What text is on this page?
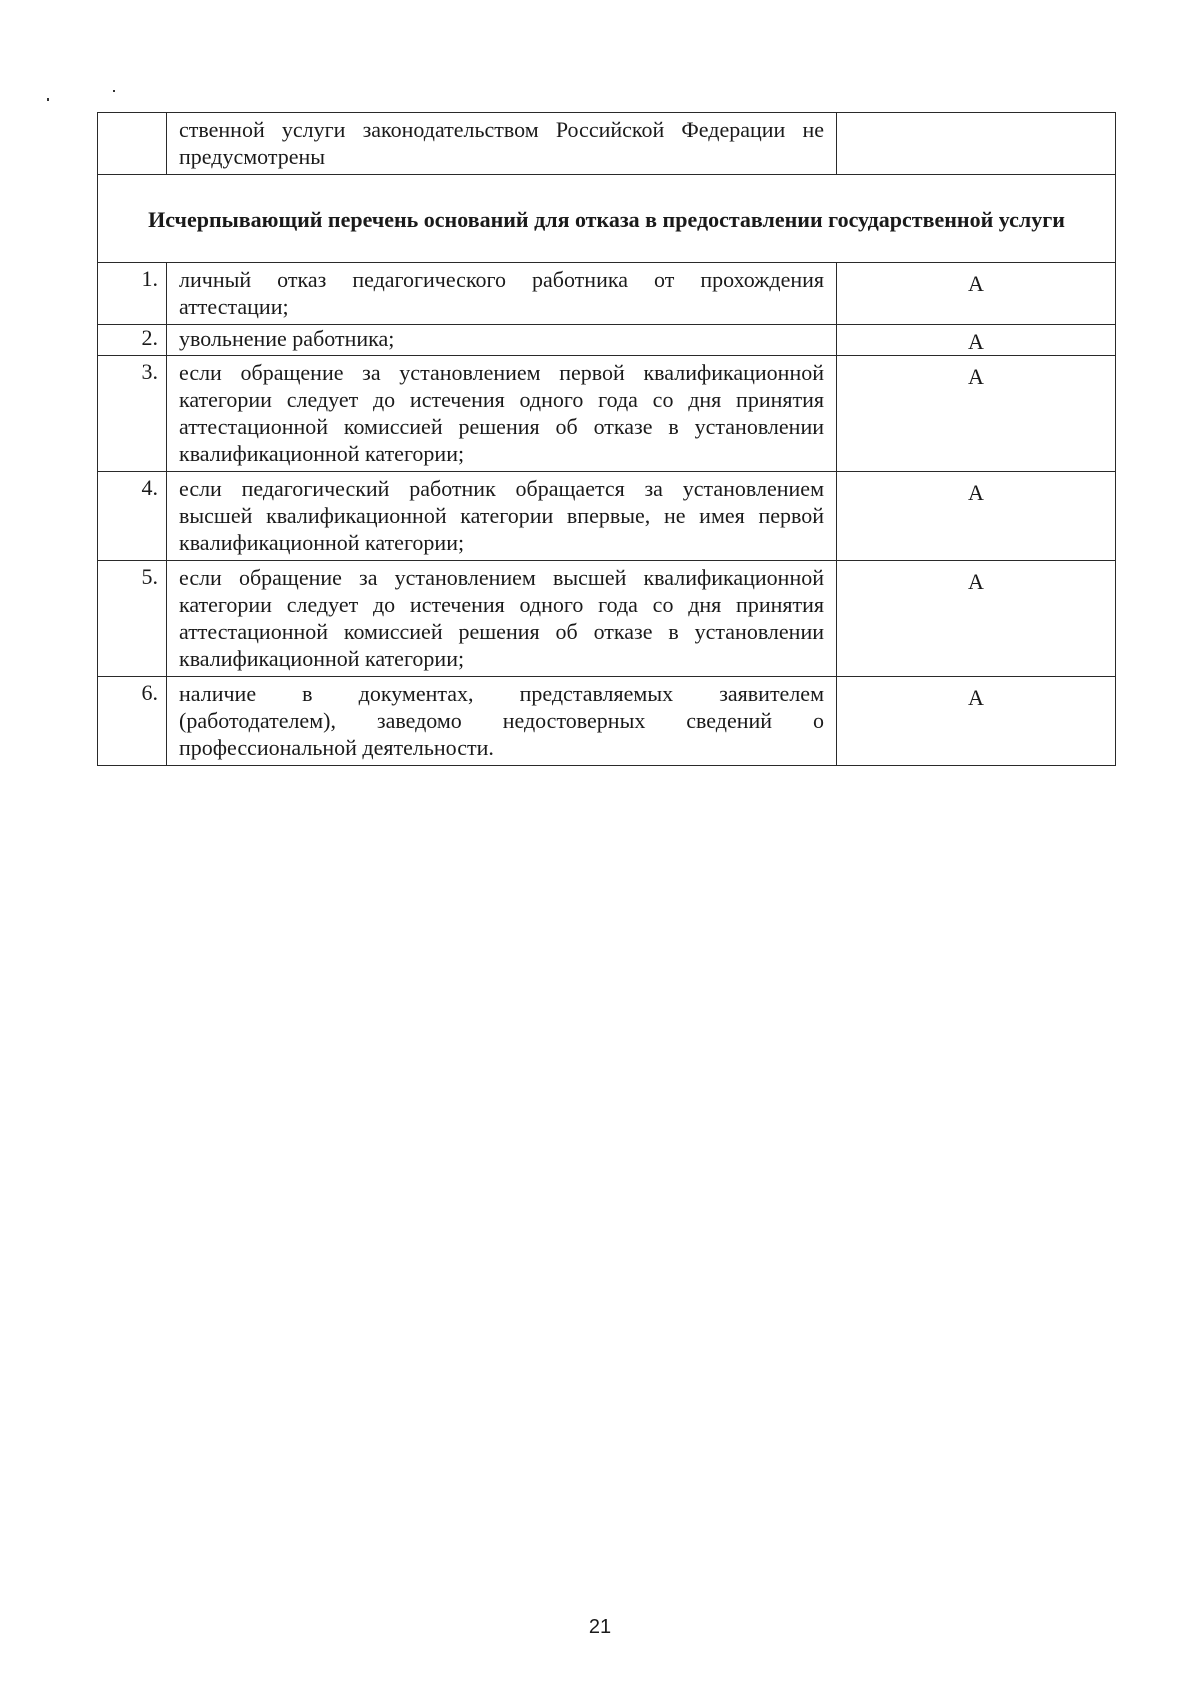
	ственной услуги законодательством Российской Федерации не предусмотрены	
Исчерпывающий перечень оснований для отказа в предоставлении государственной услуги		
1.	личный отказ педагогического работника от прохождения аттестации;	А
2.	увольнение работника;	А
3.	если обращение за установлением первой квалификационной категории следует до истечения одного года со дня принятия аттестационной комиссией решения об отказе в установлении квалификационной категории;	А
4.	если педагогический работник обращается за установлением высшей квалификационной категории впервые, не имея первой квалификационной категории;	А
5.	если обращение за установлением высшей квалификационной категории следует до истечения одного года со дня принятия аттестационной комиссией решения об отказе в установлении квалификационной категории;	А
6.	наличие в документах, представляемых заявителем (работодателем), заведомо недостоверных сведений о профессиональной деятельности.	А
21
